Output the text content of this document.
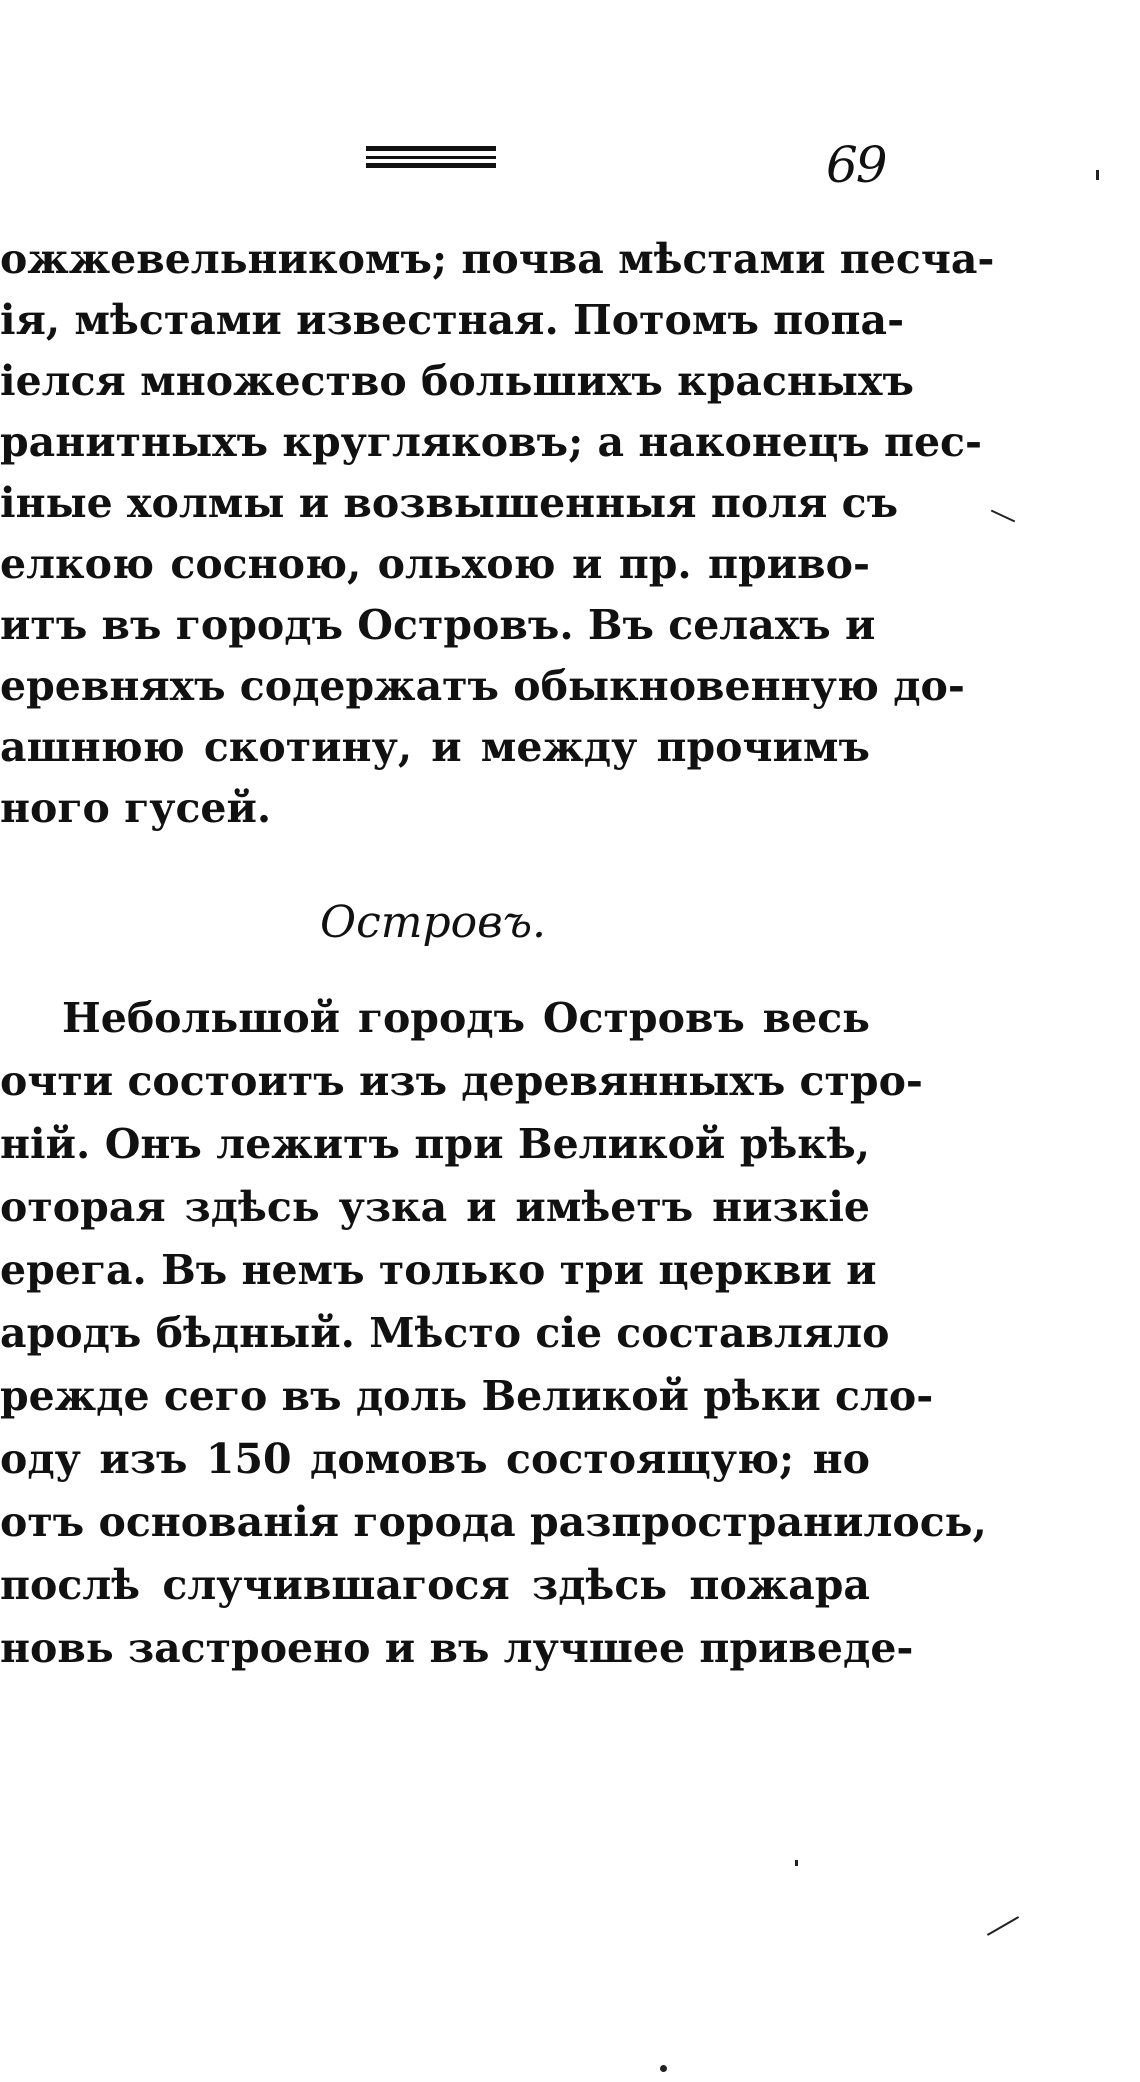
69
ожжевельникомъ; почва мѣстами песча-
ія, мѣстами известная. Потомъ попа-
іелся множество большихъ красныхъ
ранитныхъ кругляковъ; а наконецъ пес-
іные холмы и возвышенныя поля съ
елкою сосною, ольхою и пр. приво-
итъ въ городъ Островъ. Въ селахъ и
еревняхъ содержатъ обыкновенную до-
ашнюю скотину, и между прочимъ
ного гусей.
Островъ.
Небольшой городъ Островъ весь
очти состоитъ изъ деревянныхъ стро-
ній. Онъ лежитъ при Великой рѣкѣ,
оторая здѣсь узка и имѣетъ низкіе
ерега. Въ немъ только три церкви и
ародъ бѣдный. Мѣсто сіе составляло
режде сего въ доль Великой рѣки сло-
оду изъ 150 домовъ состоящую; но
отъ основанія города разпространилось,
послѣ случившагося здѣсь пожара
новь застроено и въ лучшее приведе-
